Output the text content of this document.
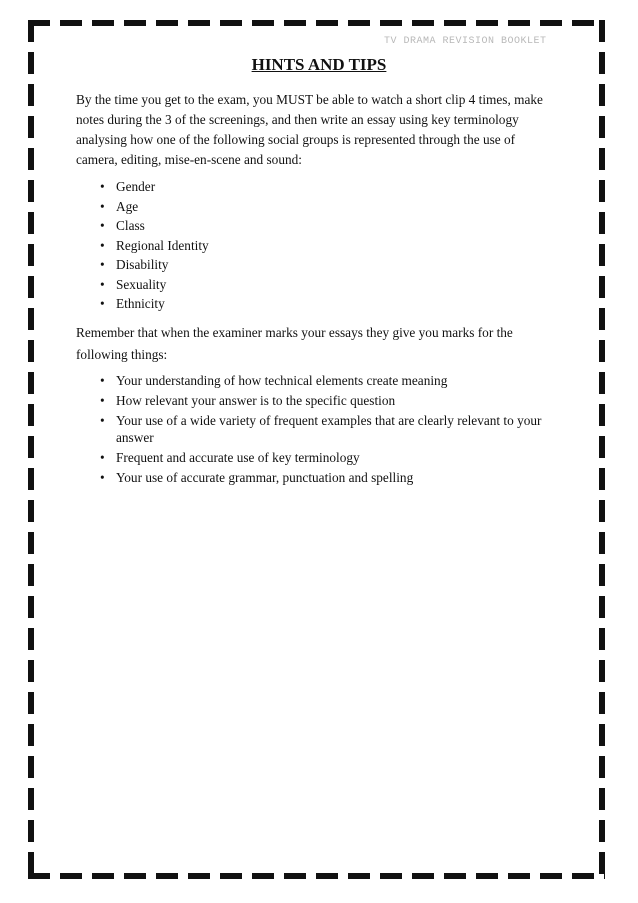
TV DRAMA REVISION BOOKLET
HINTS AND TIPS

By the time you get to the exam, you MUST be able to watch a short clip 4 times, make notes during the 3 of the screenings, and then write an essay using key terminology analysing how one of the following social groups is represented through the use of camera, editing, mise-en-scene and sound:

• Gender
• Age
• Class
• Regional Identity
• Disability
• Sexuality
• Ethnicity

Remember that when the examiner marks your essays they give you marks for the following things:

• Your understanding of how technical elements create meaning
• How relevant your answer is to the specific question
• Your use of a wide variety of frequent examples that are clearly relevant to your answer
• Frequent and accurate use of key terminology
• Your use of accurate grammar, punctuation and spelling
